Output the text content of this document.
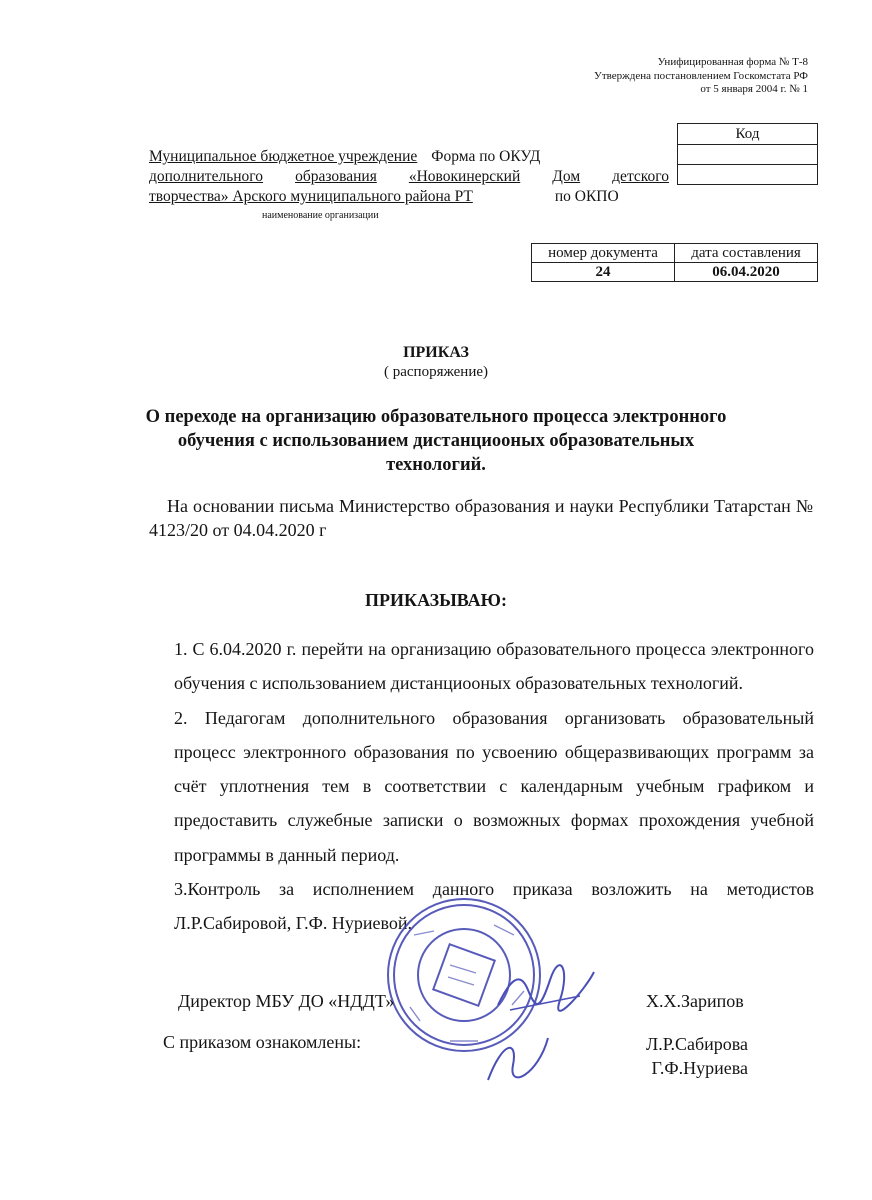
Унифицированная форма № Т-8
Утверждена постановлением Госкомстата РФ
от 5 января 2004 г. № 1
Код

Муниципальное бюджетное учреждение Форма по ОКУД
дополнительного образования «Новокинерский Дом детского
творчества» Арского муниципального района РТ	по ОКПО
наименование организации
номер документа	дата составления
24	06.04.2020
ПРИКАЗ
( распоряжение)
О переходе на организацию образовательного процесса электронного
обучения с использованием дистанциооных образовательных
технологий.
На основании письма Министерство образования и науки Республики Татарстан № 4123/20 от 04.04.2020 г
ПРИКАЗЫВАЮ:

1. С 6.04.2020 г. перейти на организацию образовательного процесса электронного обучения с использованием дистанциооных образовательных технологий.

2. Педагогам дополнительного образования организовать образовательный процесс электронного образования по усвоению общеразвивающих программ за счёт уплотнения тем в соответствии с календарным учебным графиком и предоставить служебные записки о возможных формах прохождения учебной программы в данный период.

3.Контроль за исполнением данного приказа возложить на методистов Л.Р.Сабировой, Г.Ф. Нуриевой.

Директор МБУ ДО «НДДТ»	Х.Х.Зарипов
С приказом ознакомлены:	Л.Р.Сабирова
Г.Ф.Нуриева
